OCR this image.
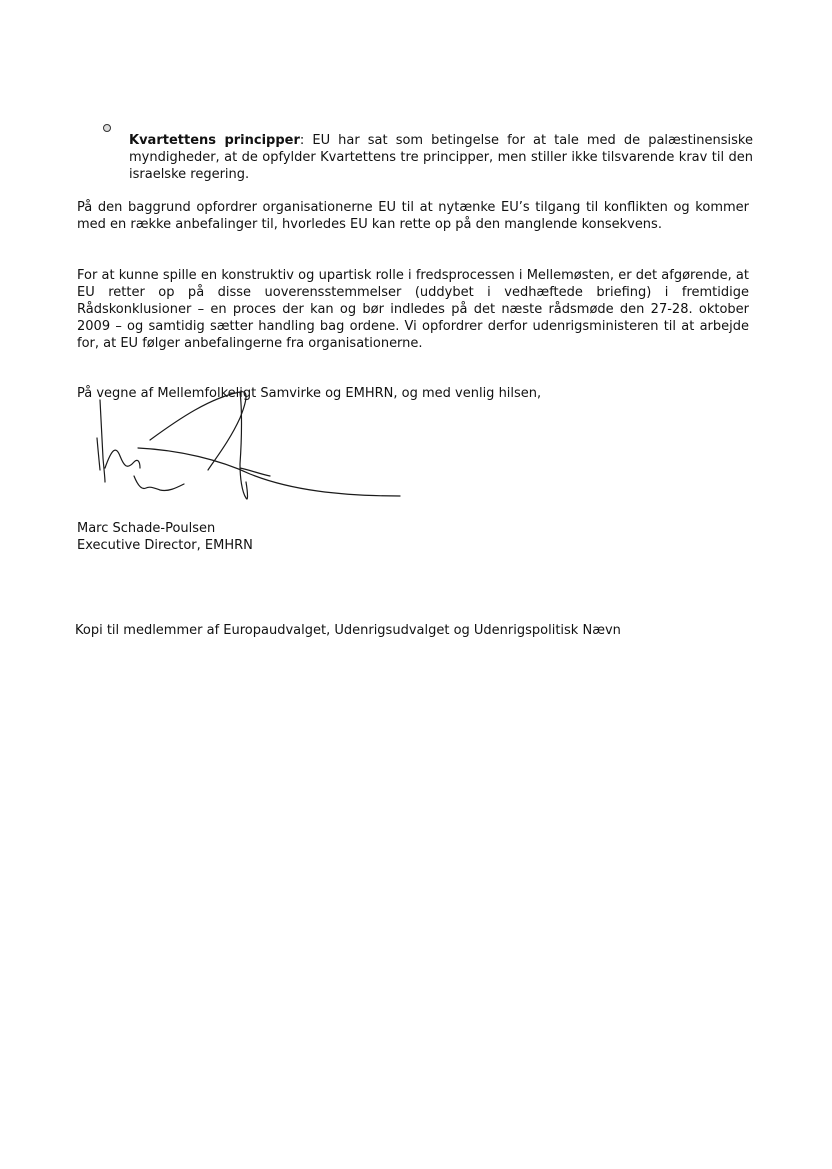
Kvartettens principper: EU har sat som betingelse for at tale med de palæstinensiske myndigheder, at de opfylder Kvartettens tre principper, men stiller ikke tilsvarende krav til den israelske regering.

På den baggrund opfordrer organisationerne EU til at nytænke EU’s tilgang til konflikten og kommer med en række anbefalinger til, hvorledes EU kan rette op på den manglende konsekvens.

For at kunne spille en konstruktiv og upartisk rolle i fredsprocessen i Mellemøsten, er det afgørende, at EU retter op på disse uoverensstemmelser (uddybet i vedhæftede briefing) i fremtidige Rådskonklusioner – en proces der kan og bør indledes på det næste rådsmøde den 27-28. oktober 2009 – og samtidig sætter handling bag ordene. Vi opfordrer derfor udenrigsministeren til at arbejde for, at EU følger anbefalingerne fra organisationerne.

På vegne af Mellemfolkeligt Samvirke og EMHRN, og med venlig hilsen,

Marc Schade-Poulsen

Executive Director, EMHRN

Kopi til medlemmer af Europaudvalget, Udenrigsudvalget og Udenrigspolitisk Nævn
